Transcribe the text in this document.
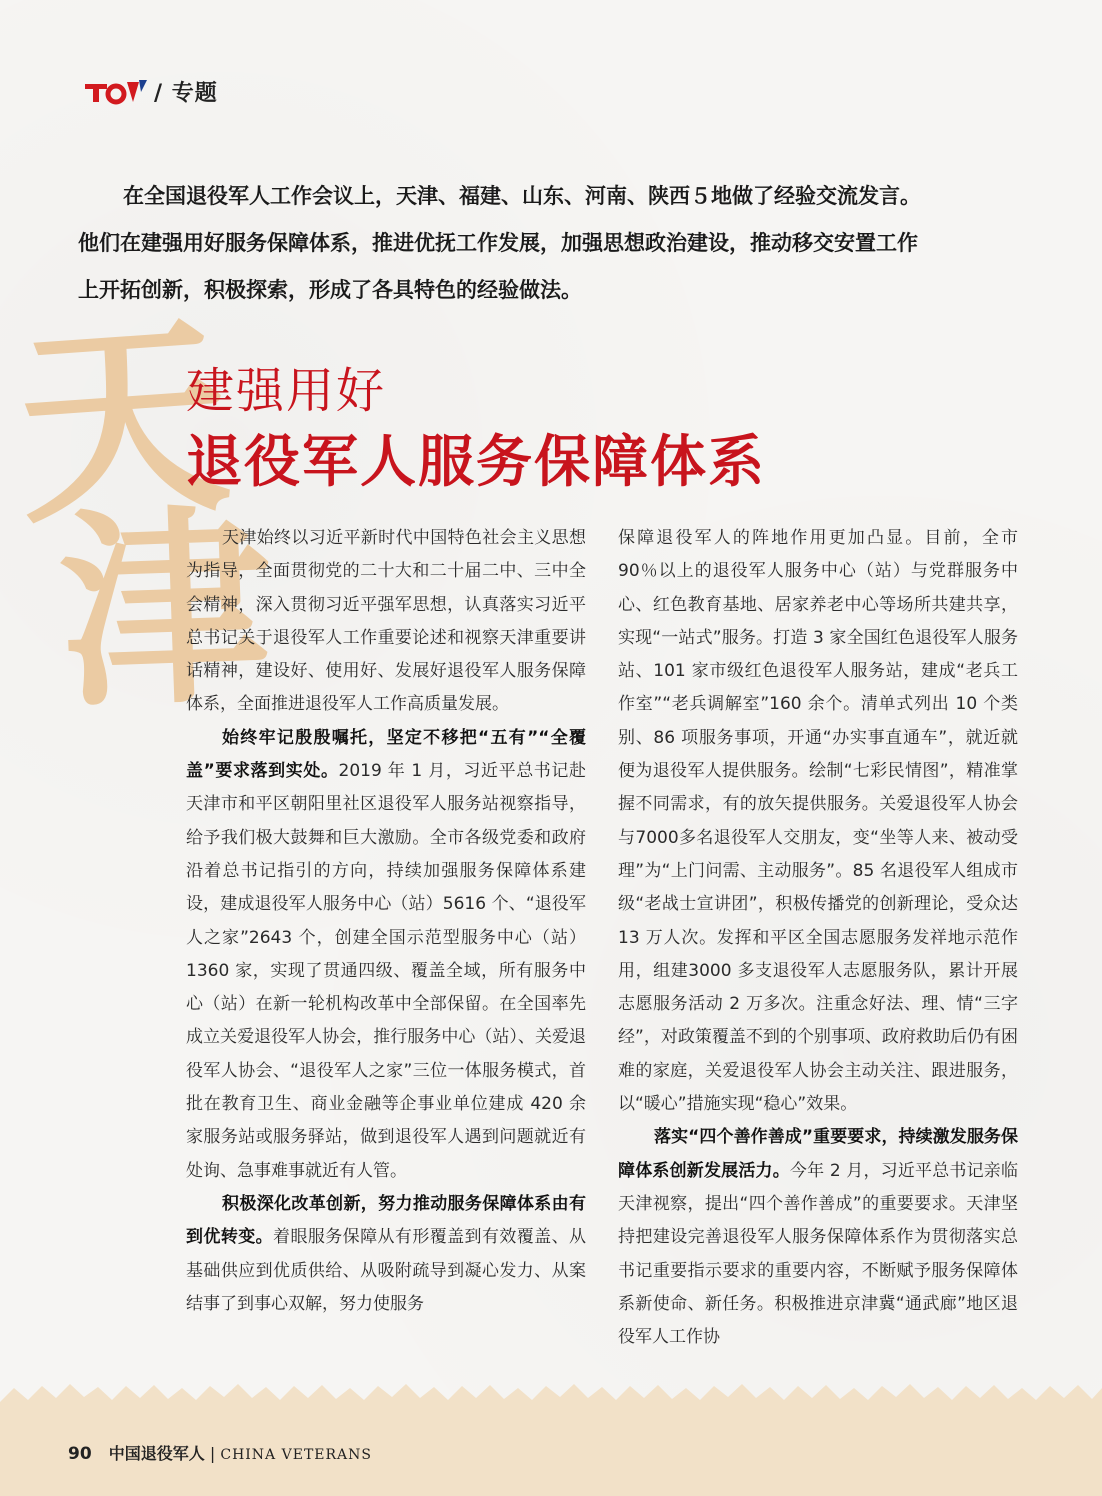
/ 专题

在全国退役军人工作会议上，天津、福建、山东、河南、陕西５地做了经验交流发言。他们在建强用好服务保障体系，推进优抚工作发展，加强思想政治建设，推动移交安置工作上开拓创新，积极探索，形成了各具特色的经验做法。

天
津
建强用好
退役军人服务保障体系

天津始终以习近平新时代中国特色社会主义思想为指导，全面贯彻党的二十大和二十届二中、三中全会精神，深入贯彻习近平强军思想，认真落实习近平总书记关于退役军人工作重要论述和视察天津重要讲话精神，建设好、使用好、发展好退役军人服务保障体系，全面推进退役军人工作高质量发展。

始终牢记殷殷嘱托，坚定不移把“五有”“全覆盖”要求落到实处。2019 年 1 月，习近平总书记赴天津市和平区朝阳里社区退役军人服务站视察指导，给予我们极大鼓舞和巨大激励。全市各级党委和政府沿着总书记指引的方向，持续加强服务保障体系建设，建成退役军人服务中心（站）5616 个、“退役军人之家”2643 个，创建全国示范型服务中心（站）1360 家，实现了贯通四级、覆盖全域，所有服务中心（站）在新一轮机构改革中全部保留。在全国率先成立关爱退役军人协会，推行服务中心（站）、关爱退役军人协会、“退役军人之家”三位一体服务模式，首批在教育卫生、商业金融等企事业单位建成 420 余家服务站或服务驿站，做到退役军人遇到问题就近有处询、急事难事就近有人管。

积极深化改革创新，努力推动服务保障体系由有到优转变。着眼服务保障从有形覆盖到有效覆盖、从基础供应到优质供给、从吸附疏导到凝心发力、从案结事了到事心双解，努力使服务

保障退役军人的阵地作用更加凸显。目前，全市 90％以上的退役军人服务中心（站）与党群服务中心、红色教育基地、居家养老中心等场所共建共享，实现“一站式”服务。打造 3 家全国红色退役军人服务站、101 家市级红色退役军人服务站，建成“老兵工作室”“老兵调解室”160 余个。清单式列出 10 个类别、86 项服务事项，开通“办实事直通车”，就近就便为退役军人提供服务。绘制“七彩民情图”，精准掌握不同需求，有的放矢提供服务。关爱退役军人协会与7000多名退役军人交朋友，变“坐等人来、被动受理”为“上门问需、主动服务”。85 名退役军人组成市级“老战士宣讲团”，积极传播党的创新理论，受众达 13 万人次。发挥和平区全国志愿服务发祥地示范作用，组建3000 多支退役军人志愿服务队，累计开展志愿服务活动 2 万多次。注重念好法、理、情“三字经”，对政策覆盖不到的个别事项、政府救助后仍有困难的家庭，关爱退役军人协会主动关注、跟进服务，以“暖心”措施实现“稳心”效果。

落实“四个善作善成”重要要求，持续激发服务保障体系创新发展活力。今年 2 月，习近平总书记亲临天津视察，提出“四个善作善成”的重要要求。天津坚持把建设完善退役军人服务保障体系作为贯彻落实总书记重要指示要求的重要内容，不断赋予服务保障体系新使命、新任务。积极推进京津冀“通武廊”地区退役军人工作协

90 中国退役军人 | CHINA VETERANS
